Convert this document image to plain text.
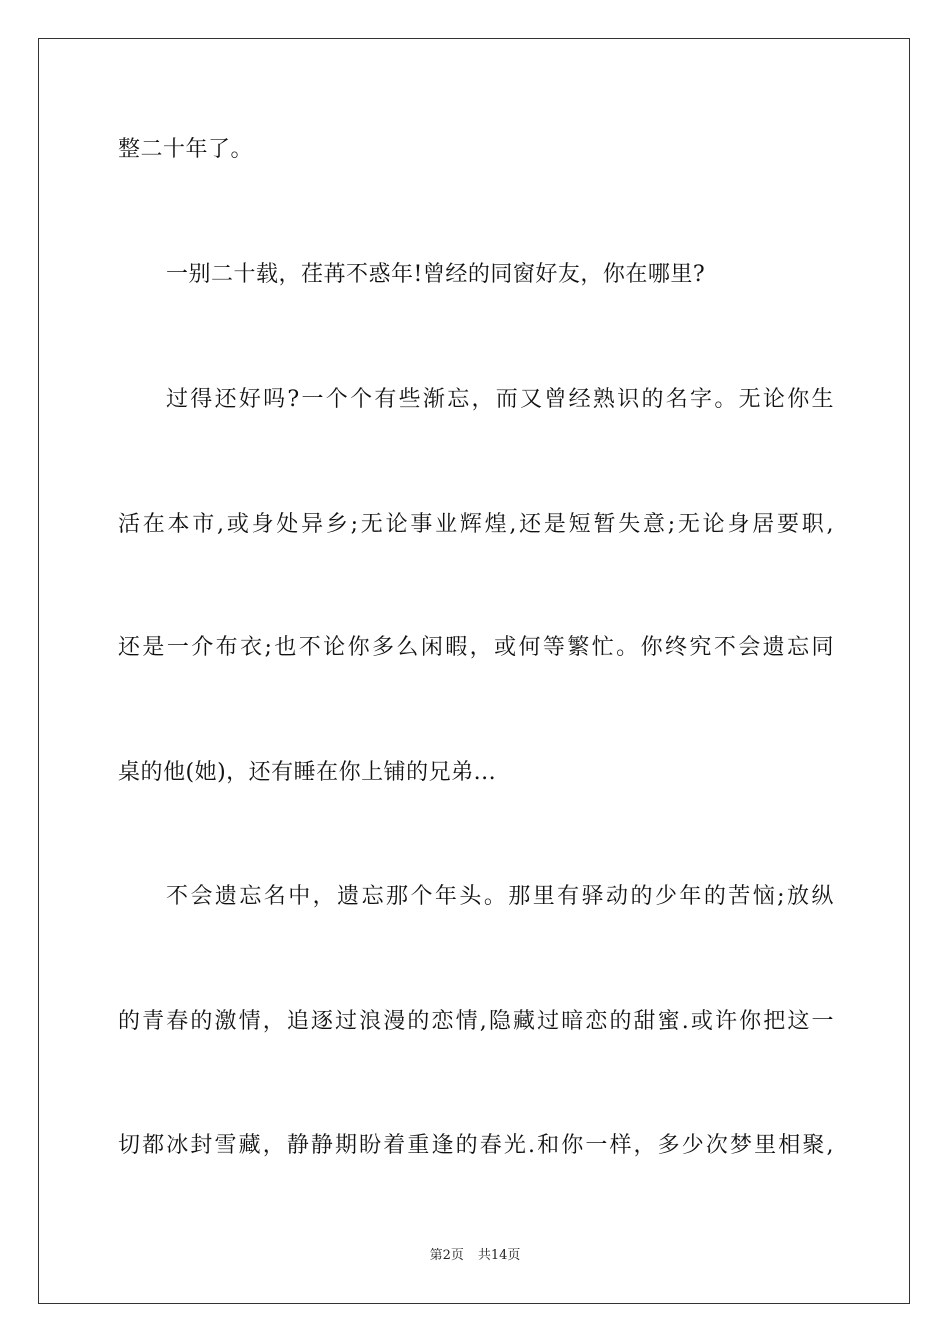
整二十年了。
一别二十载，荏苒不惑年!曾经的同窗好友，你在哪里?
过得还好吗?一个个有些渐忘，而又曾经熟识的名字。无论你生
活在本市,或身处异乡;无论事业辉煌,还是短暂失意;无论身居要职,
还是一介布衣;也不论你多么闲暇，或何等繁忙。你终究不会遗忘同
桌的他(她)，还有睡在你上铺的兄弟...
不会遗忘名中，遗忘那个年头。那里有驿动的少年的苦恼;放纵
的青春的激情，追逐过浪漫的恋情,隐藏过暗恋的甜蜜.或许你把这一
切都冰封雪藏，静静期盼着重逢的春光.和你一样，多少次梦里相聚,
第2页 共14页
